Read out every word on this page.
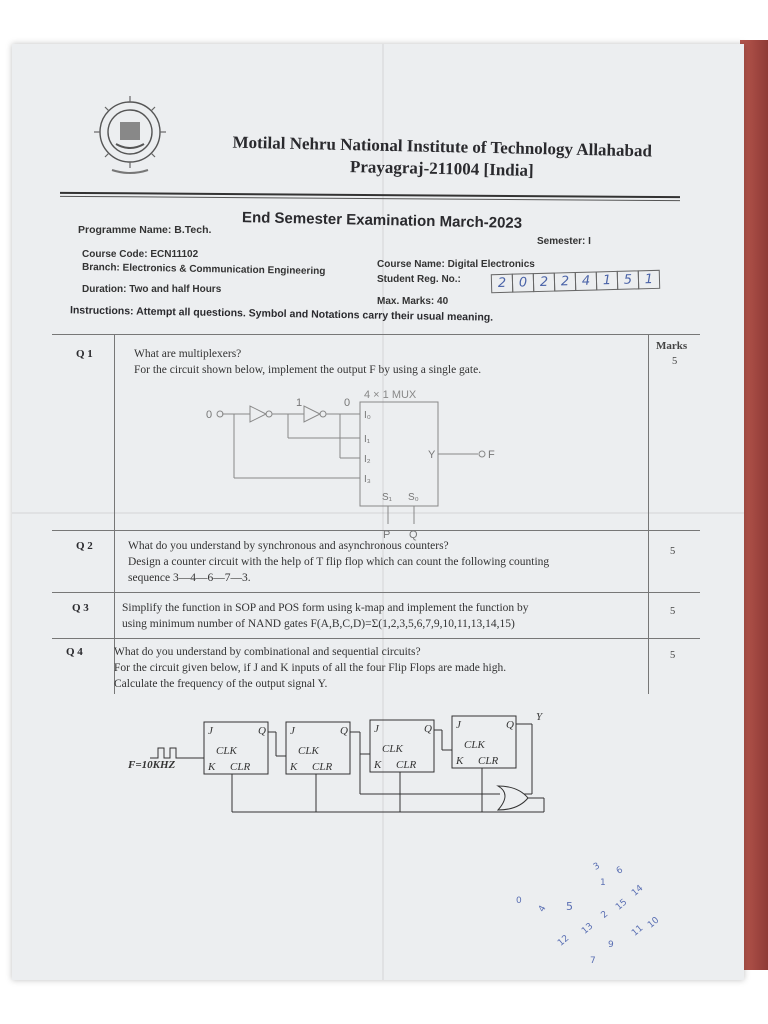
Motilal Nehru National Institute of Technology Allahabad
Prayagraj-211004 [India]
End Semester Examination March-2023
Programme Name: B.Tech.
Semester: I
Course Code: ECN11102
Course Name: Digital Electronics
Branch: Electronics & Communication Engineering
Student Reg. No.:
Duration: Two and half Hours
Max. Marks: 40
2 0 2 2 4 1 5 1
Instructions: Attempt all questions. Symbol and Notations carry their usual meaning.
Marks
Q 1	What are multiplexers?
For the circuit shown below, implement the output F by using a single gate.
5
Q 2	What do you understand by synchronous and asynchronous counters?
Design a counter circuit with the help of T flip flop which can count the following counting
sequence 3—4—6—7—3.
5
Q 3	Simplify the function in SOP and POS form using k-map and implement the function by
using minimum number of NAND gates F(A,B,C,D)=Σ(1,2,3,5,6,7,9,10,11,13,14,15)
5
Q 4	What do you understand by combinational and sequential circuits?
For the circuit given below, if J and K inputs of all the four Flip Flops are made high.
Calculate the frequency of the output signal Y.
5
0
1	0
4 × 1 MUX
I₀
I₁
I₂
I₃
Y	F
S₁ S₀
P Q
F=10KHZ
J	Q
CLK
K CLR
J	Q
CLK
K CLR
J	Q
CLK
K CLR
J	Q
CLK
K CLR
Y
3 6
1
14
0
4 5	15
2
13
12
11
10
9
7
